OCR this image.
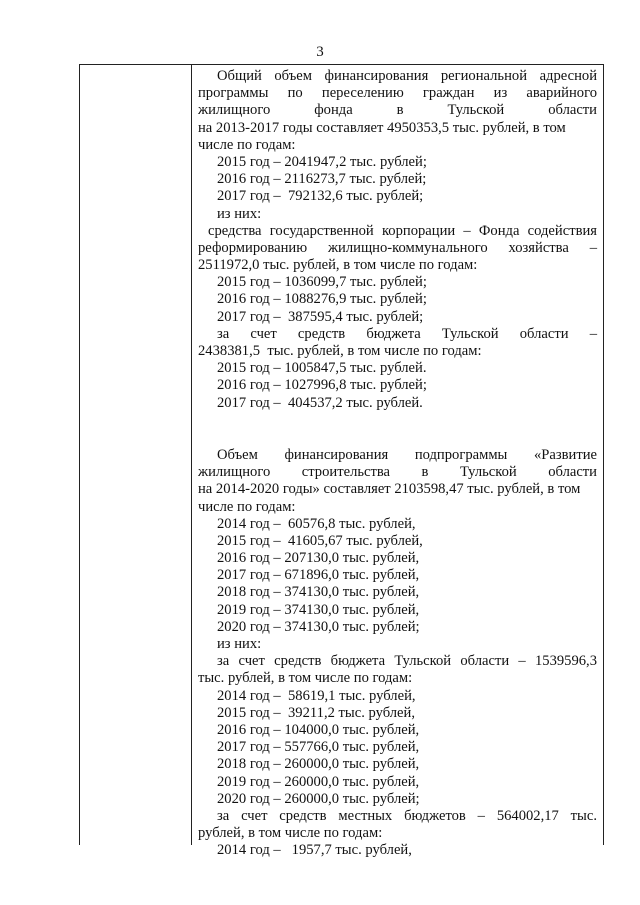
3
Общий объем финансирования региональной адресной
программы по переселению граждан из аварийного
жилищного фонда в Тульской области
на 2013-2017 годы составляет 4950353,5 тыс. рублей, в том
числе по годам:
2015 год – 2041947,2 тыс. рублей;
2016 год – 2116273,7 тыс. рублей;
2017 год –  792132,6 тыс. рублей;
из них:
средства государственной корпорации – Фонда содействия
реформированию жилищно-коммунального хозяйства –
2511972,0 тыс. рублей, в том числе по годам:
2015 год – 1036099,7 тыс. рублей;
2016 год – 1088276,9 тыс. рублей;
2017 год –  387595,4 тыс. рублей;
за счет средств бюджета Тульской области –
2438381,5  тыс. рублей, в том числе по годам:
2015 год – 1005847,5 тыс. рублей.
2016 год – 1027996,8 тыс. рублей;
2017 год –  404537,2 тыс. рублей.
Объем финансирования подпрограммы «Развитие
жилищного строительства в Тульской области
на 2014-2020 годы» составляет 2103598,47 тыс. рублей, в том
числе по годам:
2014 год –  60576,8 тыс. рублей,
2015 год –  41605,67 тыс. рублей,
2016 год – 207130,0 тыс. рублей,
2017 год – 671896,0 тыс. рублей,
2018 год – 374130,0 тыс. рублей,
2019 год – 374130,0 тыс. рублей,
2020 год – 374130,0 тыс. рублей;
из них:
за счет средств бюджета Тульской области – 1539596,3
тыс. рублей, в том числе по годам:
2014 год –  58619,1 тыс. рублей,
2015 год –  39211,2 тыс. рублей,
2016 год – 104000,0 тыс. рублей,
2017 год – 557766,0 тыс. рублей,
2018 год – 260000,0 тыс. рублей,
2019 год – 260000,0 тыс. рублей,
2020 год – 260000,0 тыс. рублей;
за счет средств местных бюджетов – 564002,17 тыс.
рублей, в том числе по годам:
2014 год –   1957,7 тыс. рублей,
